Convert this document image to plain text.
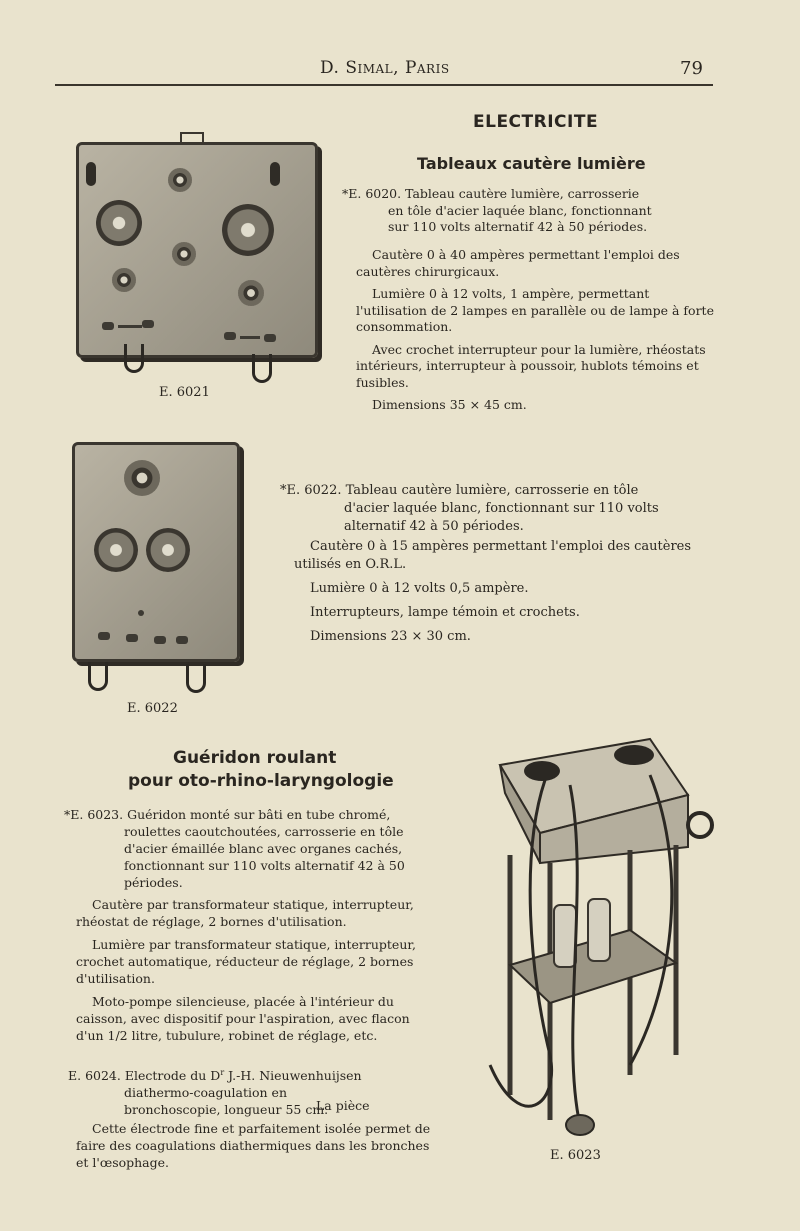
D. Simal, Paris	79
ELECTRICITE
E. 6021
Tableaux cautère lumière
*E. 6020. Tableau cautère lumière, carrosserie en tôle d'acier laquée blanc, fonctionnant sur 110 volts alternatif 42 à 50 périodes.

Cautère 0 à 40 ampères permettant l'emploi des cautères chirurgicaux.

Lumière 0 à 12 volts, 1 ampère, permettant l'utilisation de 2 lampes en parallèle ou de lampe à forte consommation.

Avec crochet interrupteur pour la lumière, rhéostats intérieurs, interrupteur à poussoir, hublots témoins et fusibles.

Dimensions 35 × 45 cm.

E. 6022
*E. 6022. Tableau cautère lumière, carrosserie en tôle d'acier laquée blanc, fonctionnant sur 110 volts alternatif 42 à 50 périodes.

Cautère 0 à 15 ampères permettant l'emploi des cautères utilisés en O.R.L.

Lumière 0 à 12 volts 0,5 ampère.

Interrupteurs, lampe témoin et crochets.

Dimensions 23 × 30 cm.

Guéridon roulant
pour oto-rhino-laryngologie
*E. 6023. Guéridon monté sur bâti en tube chromé, roulettes caoutchoutées, carrosserie en tôle d'acier émaillée blanc avec organes cachés, fonctionnant sur 110 volts alternatif 42 à 50 périodes.

Cautère par transformateur statique, interrupteur, rhéostat de réglage, 2 bornes d'utilisation.

Lumière par transformateur statique, interrupteur, crochet automatique, réducteur de réglage, 2 bornes d'utilisation.

Moto-pompe silencieuse, placée à l'intérieur du caisson, avec dispositif pour l'aspiration, avec flacon d'un 1/2 litre, tubulure, robinet de réglage, etc.

E. 6024. Electrode du $D^r$ J.-H. Nieuwenhuijsen diathermo-coagulation en bronchoscopie, longueur 55 cm.
La pièce

Cette électrode fine et parfaitement isolée permet de faire des coagulations diathermiques dans les bronches et l'œsophage.	E. 6023
